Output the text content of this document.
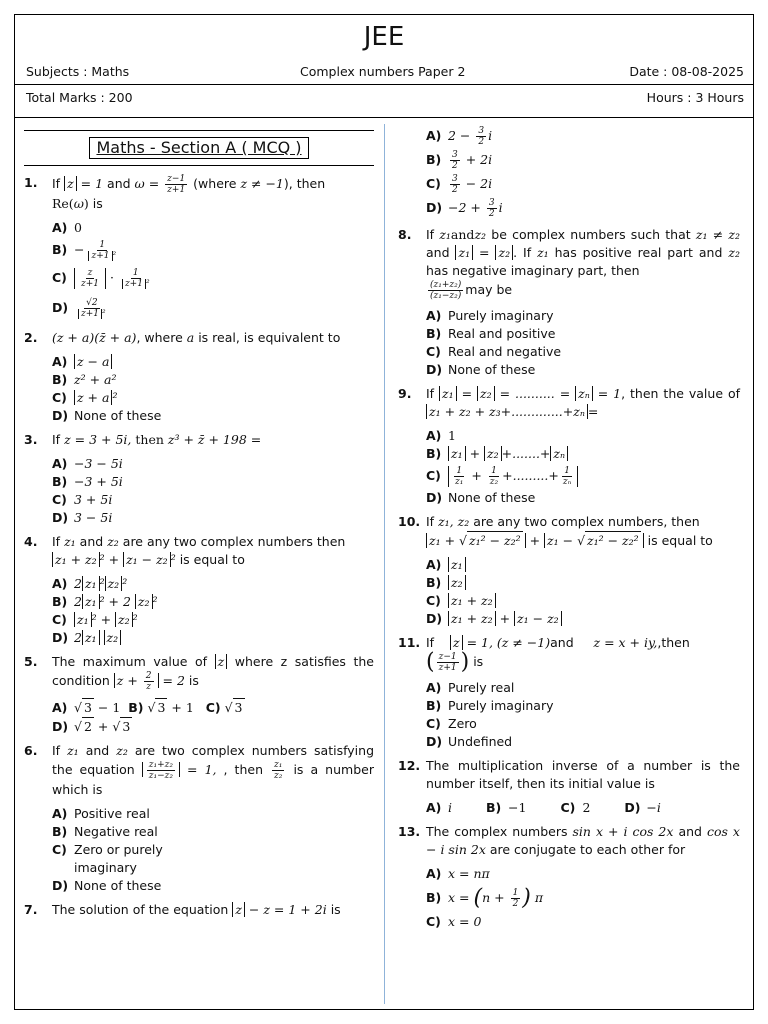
JEE
Subjects : Maths	Complex numbers Paper 2	Date : 08-08-2025
Total Marks : 200	Hours : 3 Hours
Maths - Section A ( MCQ )
1. If z = 1 and $\omega = \frac{z-1}{z+1}$ (where z ≠ −1), then
Re(ω) is
A) 0
$B) - \frac{1}{\text{z+1 ²}}$
C)	$\frac{z}{z+1} \cdot \frac{1}{\text{z+1 ²}}$
$D) \frac{√2}{\text{z+1 ²}}$
2. (z + a)(z̄ + a), where a is real, is equivalent to
A) z − a
B) z² + a²
C) z + a ²
D) None of these
3. If z = 3 + 5i, then z³ + z̄ + 198 =
A) −3 − 5i
B) −3 + 5i
C) 3 + 5i
D) 3 − 5i
4. If z₁ and z₂ are any two complex numbers then
z₁ + z₂ ² + z₁ − z₂ ² is equal to
A) 2 z₁ ² z₂ ²
B) 2 z₁ ² + 2 z₂ ²
C) z₁ ² + z₂ ²
D) 2 z₁ z₂
5. The maximum value of z where z satisfies the condition $z + \frac{2}{z} = 2$ is
A) √ 3 − 1
B)
√ 3 + 1
C)
√ 3
D) √ 2 + √ 3
6. If z₁ and z₂ are two complex numbers satisfying the equation $\frac{\text{z₁+z₂}}{\text{z₁−z₂}} = 1$, , then $\frac{\text{z₁}}{\text{z₂}}$ is a number which is
A) Positive real
B) Negative real
C) Zero or purely imaginary
D) None of these
7. The solution of the equation z − z = 1 + 2i is
A) $2 - \frac{3}{2}$ i
$B) \frac{3}{2} + 2i$
C)	$\frac{3}{2} - 2i$
$D) -2 + \frac{3}{2}$ i
8. If z₁andz₂ be complex numbers such that z₁ ≠ z₂ and z₁ = z₂ . If z₁ has positive real part and z₂ has negative imaginary part, then

$\frac{\text{(z₁+z₂)}}{\text{(z₁−z₂)}}$ may be
A) Purely imaginary
B) Real and positive
C) Real and negative
D) None of these
9. If z₁ = z₂ = .......... = zₙ = 1, then the value of z₁ + z₂ + z₃+.............+zₙ =
A) 1
B) z₁ + z₂ +.......+ zₙ
C)	$\frac{1}{\text{z₁}} + \frac{1}{\text{z₂}}$ +.........+ $\frac{1}{\text{zₙ}}$
D) None of these
10. If z₁, z₂ are any two complex numbers, then
z₁ + √ z₁² − z₂² + z₁ − √ z₁² − z₂² is equal to
A) z₁
B) z₂
C) z₁ + z₂
D) z₁ + z₂ + z₁ − z₂
11. If z = 1, (z ≠ −1)and z = x + iy,,then
( $\frac{z-1}{z+1}$ ) is
A) Purely real
B) Purely imaginary
C) Zero
D) Undefined
12. The multiplication inverse of a number is the number itself, then its initial value is
A) i	B) −1	C) 2	D) −i
13. The complex numbers sin x + i cos 2x and cos x − i sin 2x are conjugate to each other for
A) x = nπ
B) $x = (n + \frac{1}{2}$ ) π
C) x = 0
